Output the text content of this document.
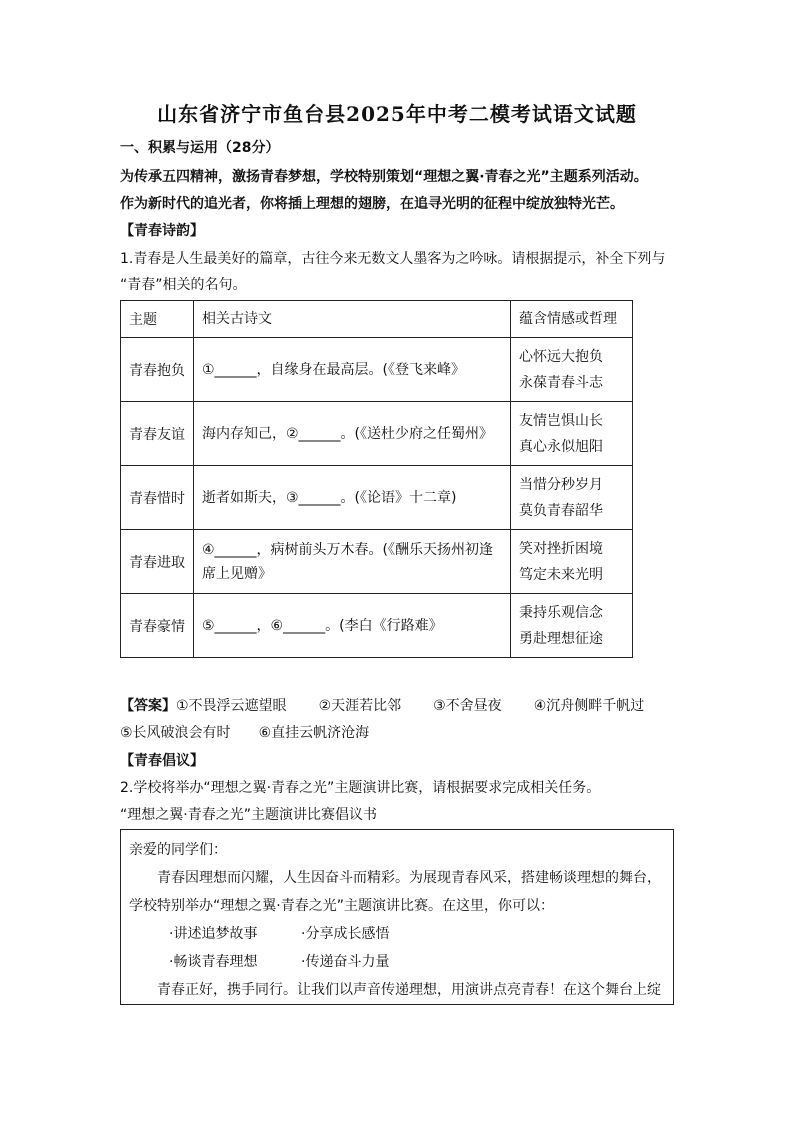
山东省济宁市鱼台县2025年中考二模考试语文试题
一、积累与运用（28分）
为传承五四精神，激扬青春梦想，学校特别策划“理想之翼·青春之光”主题系列活动。
作为新时代的追光者，你将插上理想的翅膀，在追寻光明的征程中绽放独特光芒。
【青春诗韵】
1.青春是人生最美好的篇章，古往今来无数文人墨客为之吟咏。请根据提示，补全下列与
“青春”相关的名句。
主题	相关古诗文	蕴含情感或哲理
青春抱负	①______，自缘身在最高层。(《登飞来峰》	心怀远大抱负
永葆青春斗志

青春友谊	海内存知己，②______。(《送杜少府之任蜀州》	友情岂惧山长
真心永似旭阳

青春惜时	逝者如斯夫，③______。(《论语》十二章)	当惜分秒岁月
莫负青春韶华

青春进取	④______，病树前头万木春。(《酬乐天扬州初逢席上见赠》	笑对挫折困境
笃定未来光明

青春豪情	⑤______，⑥______。(李白《行路难》	秉持乐观信念
勇赴理想征途
【答案】①不畏浮云遮望眼 ②天涯若比邻 ③不舍昼夜 ④沉舟侧畔千帆过
⑤长风破浪会有时 ⑥直挂云帆济沧海
【青春倡议】
2.学校将举办“理想之翼·青春之光”主题演讲比赛，请根据要求完成相关任务。
“理想之翼·青春之光”主题演讲比赛倡议书
亲爱的同学们：
青春因理想而闪耀，人生因奋斗而精彩。为展现青春风采，搭建畅谈理想的舞台，
学校特别举办“理想之翼·青春之光”主题演讲比赛。在这里，你可以：
·讲述追梦故事	·分享成长感悟
·畅谈青春理想	·传递奋斗力量
青春正好，携手同行。让我们以声音传递理想，用演讲点亮青春！在这个舞台上绽
